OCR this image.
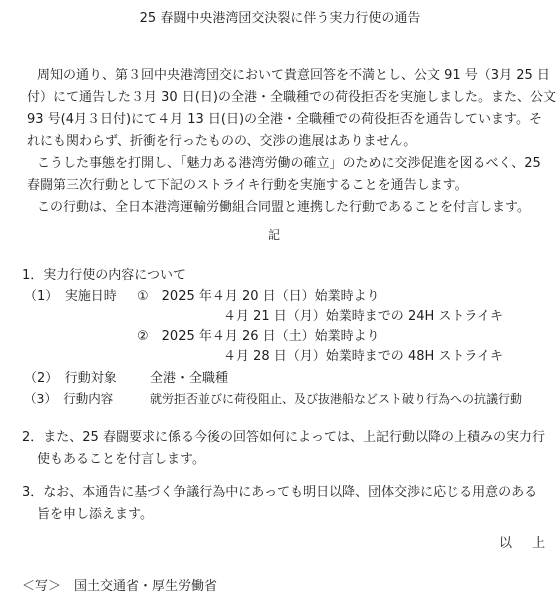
25 春闘中央港湾団交決裂に伴う実力行使の通告
周知の通り、第３回中央港湾団交において貴意回答を不満とし、公文 91 号（3月 25 日
付）にて通告した３月 30 日(日)の全港・全職種での荷役拒否を実施しました。また、公文
93 号(4月３日付)にて４月 13 日(日)の全港・全職種での荷役拒否を通告しています。そ
れにも関わらず、折衝を行ったものの、交渉の進展はありません。
こうした事態を打開し、「魅力ある港湾労働の確立」のために交渉促進を図るべく、25
春闘第三次行動として下記のストライキ行動を実施することを通告します。
この行動は、全日本港湾運輸労働組合同盟と連携した行動であることを付言します。
記
1．実力行使の内容について
（1）　実施日時 ①　2025 年４月 20 日（日）始業時より
４月 21 日（月）始業時までの 24H ストライキ
②　2025 年４月 26 日（土）始業時より
４月 28 日（月）始業時までの 48H ストライキ
（2）　行動対象	全港・全職種
（3）　行動内容	就労拒否並びに荷役阻止、及び抜港船などスト破り行為への抗議行動
2．また、25 春闘要求に係る今後の回答如何によっては、上記行動以降の上積みの実力行
使もあることを付言します。
3．なお、本通告に基づく争議行為中にあっても明日以降、団体交渉に応じる用意のある
旨を申し添えます。
以 上
＜写＞　国土交通省・厚生労働省
